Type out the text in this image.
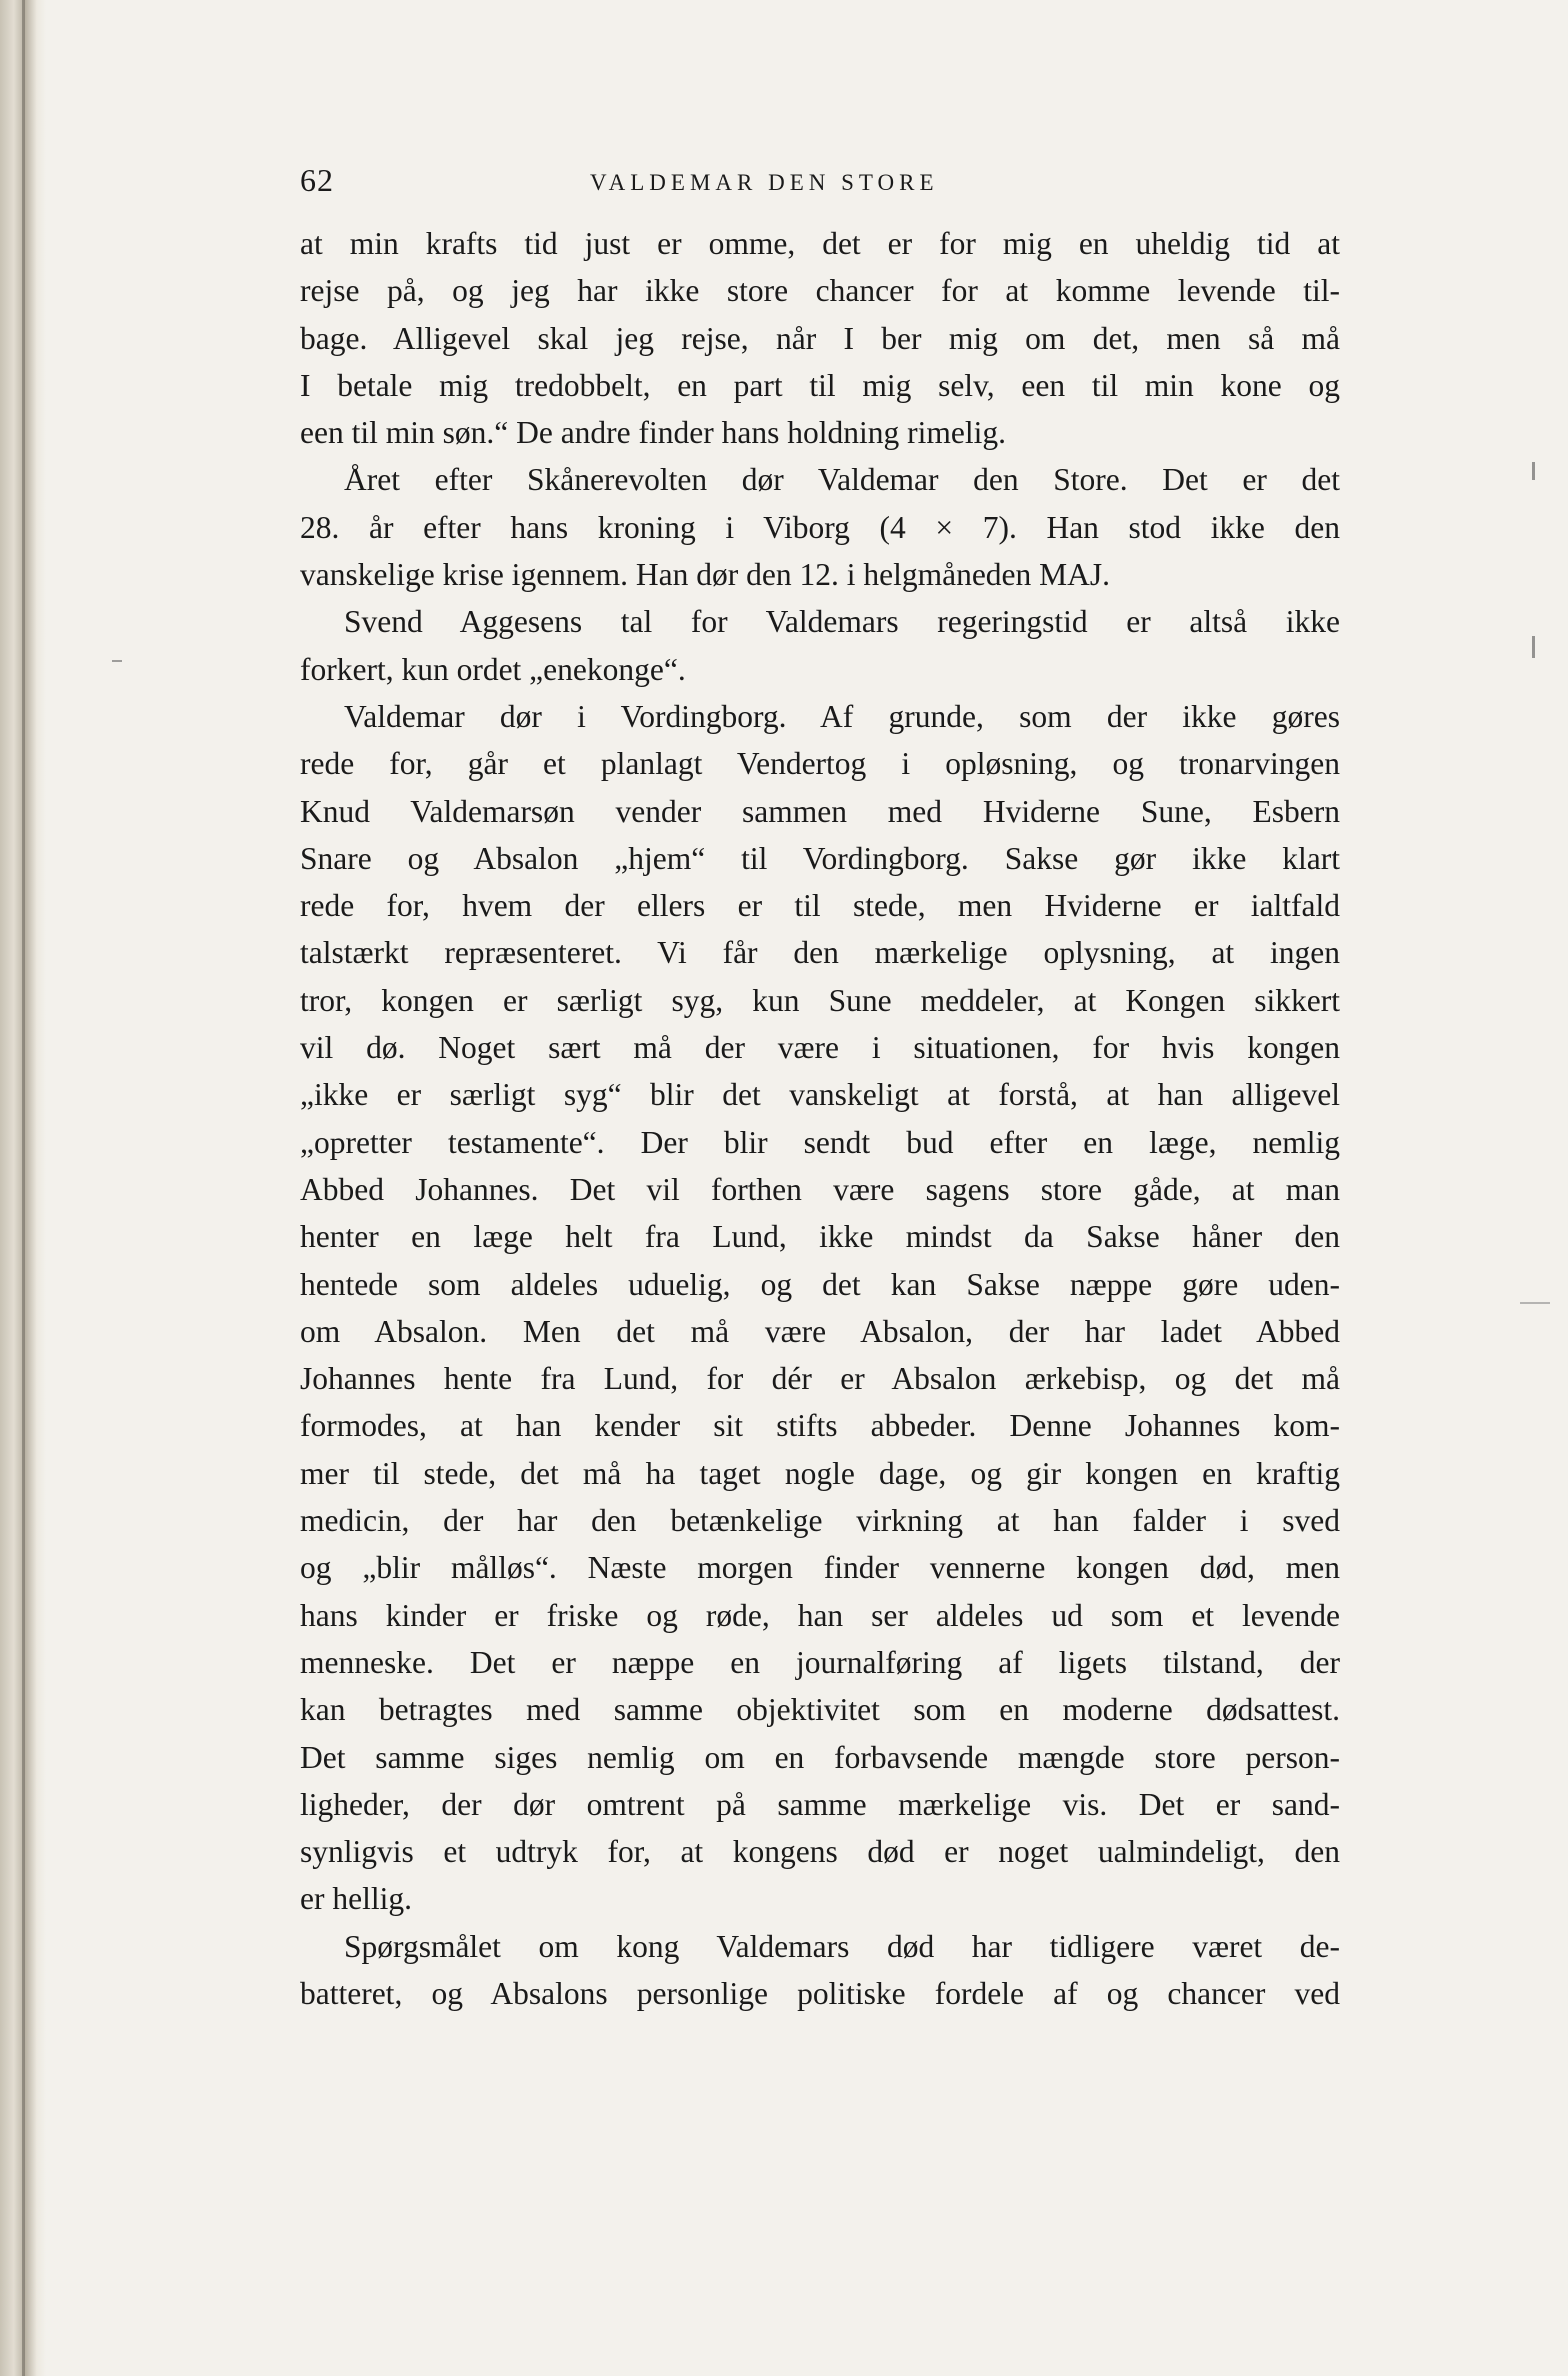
62	VALDEMAR DEN STORE
at min krafts tid just er omme, det er for mig en uheldig tid at
rejse på, og jeg har ikke store chancer for at komme levende til-
bage. Alligevel skal jeg rejse, når I ber mig om det, men så må
I betale mig tredobbelt, en part til mig selv, een til min kone og
een til min søn.“ De andre finder hans holdning rimelig.
Året efter Skånerevolten dør Valdemar den Store. Det er det
28. år efter hans kroning i Viborg (4 × 7). Han stod ikke den
vanskelige krise igennem. Han dør den 12. i helgmåneden MAJ.
Svend Aggesens tal for Valdemars regeringstid er altså ikke
forkert, kun ordet „enekonge“.
Valdemar dør i Vordingborg. Af grunde, som der ikke gøres
rede for, går et planlagt Vendertog i opløsning, og tronarvingen
Knud Valdemarsøn vender sammen med Hviderne Sune, Esbern
Snare og Absalon „hjem“ til Vordingborg. Sakse gør ikke klart
rede for, hvem der ellers er til stede, men Hviderne er ialtfald
talstærkt repræsenteret. Vi får den mærkelige oplysning, at ingen
tror, kongen er særligt syg, kun Sune meddeler, at Kongen sikkert
vil dø. Noget sært må der være i situationen, for hvis kongen
„ikke er særligt syg“ blir det vanskeligt at forstå, at han alligevel
„opretter testamente“. Der blir sendt bud efter en læge, nemlig
Abbed Johannes. Det vil forthen være sagens store gåde, at man
henter en læge helt fra Lund, ikke mindst da Sakse håner den
hentede som aldeles uduelig, og det kan Sakse næppe gøre uden-
om Absalon. Men det må være Absalon, der har ladet Abbed
Johannes hente fra Lund, for dér er Absalon ærkebisp, og det må
formodes, at han kender sit stifts abbeder. Denne Johannes kom-
mer til stede, det må ha taget nogle dage, og gir kongen en kraftig
medicin, der har den betænkelige virkning at han falder i sved
og „blir målløs“. Næste morgen finder vennerne kongen død, men
hans kinder er friske og røde, han ser aldeles ud som et levende
menneske. Det er næppe en journalføring af ligets tilstand, der
kan betragtes med samme objektivitet som en moderne dødsattest.
Det samme siges nemlig om en forbavsende mængde store person-
ligheder, der dør omtrent på samme mærkelige vis. Det er sand-
synligvis et udtryk for, at kongens død er noget ualmindeligt, den
er hellig.
Spørgsmålet om kong Valdemars død har tidligere været de-
batteret, og Absalons personlige politiske fordele af og chancer ved
